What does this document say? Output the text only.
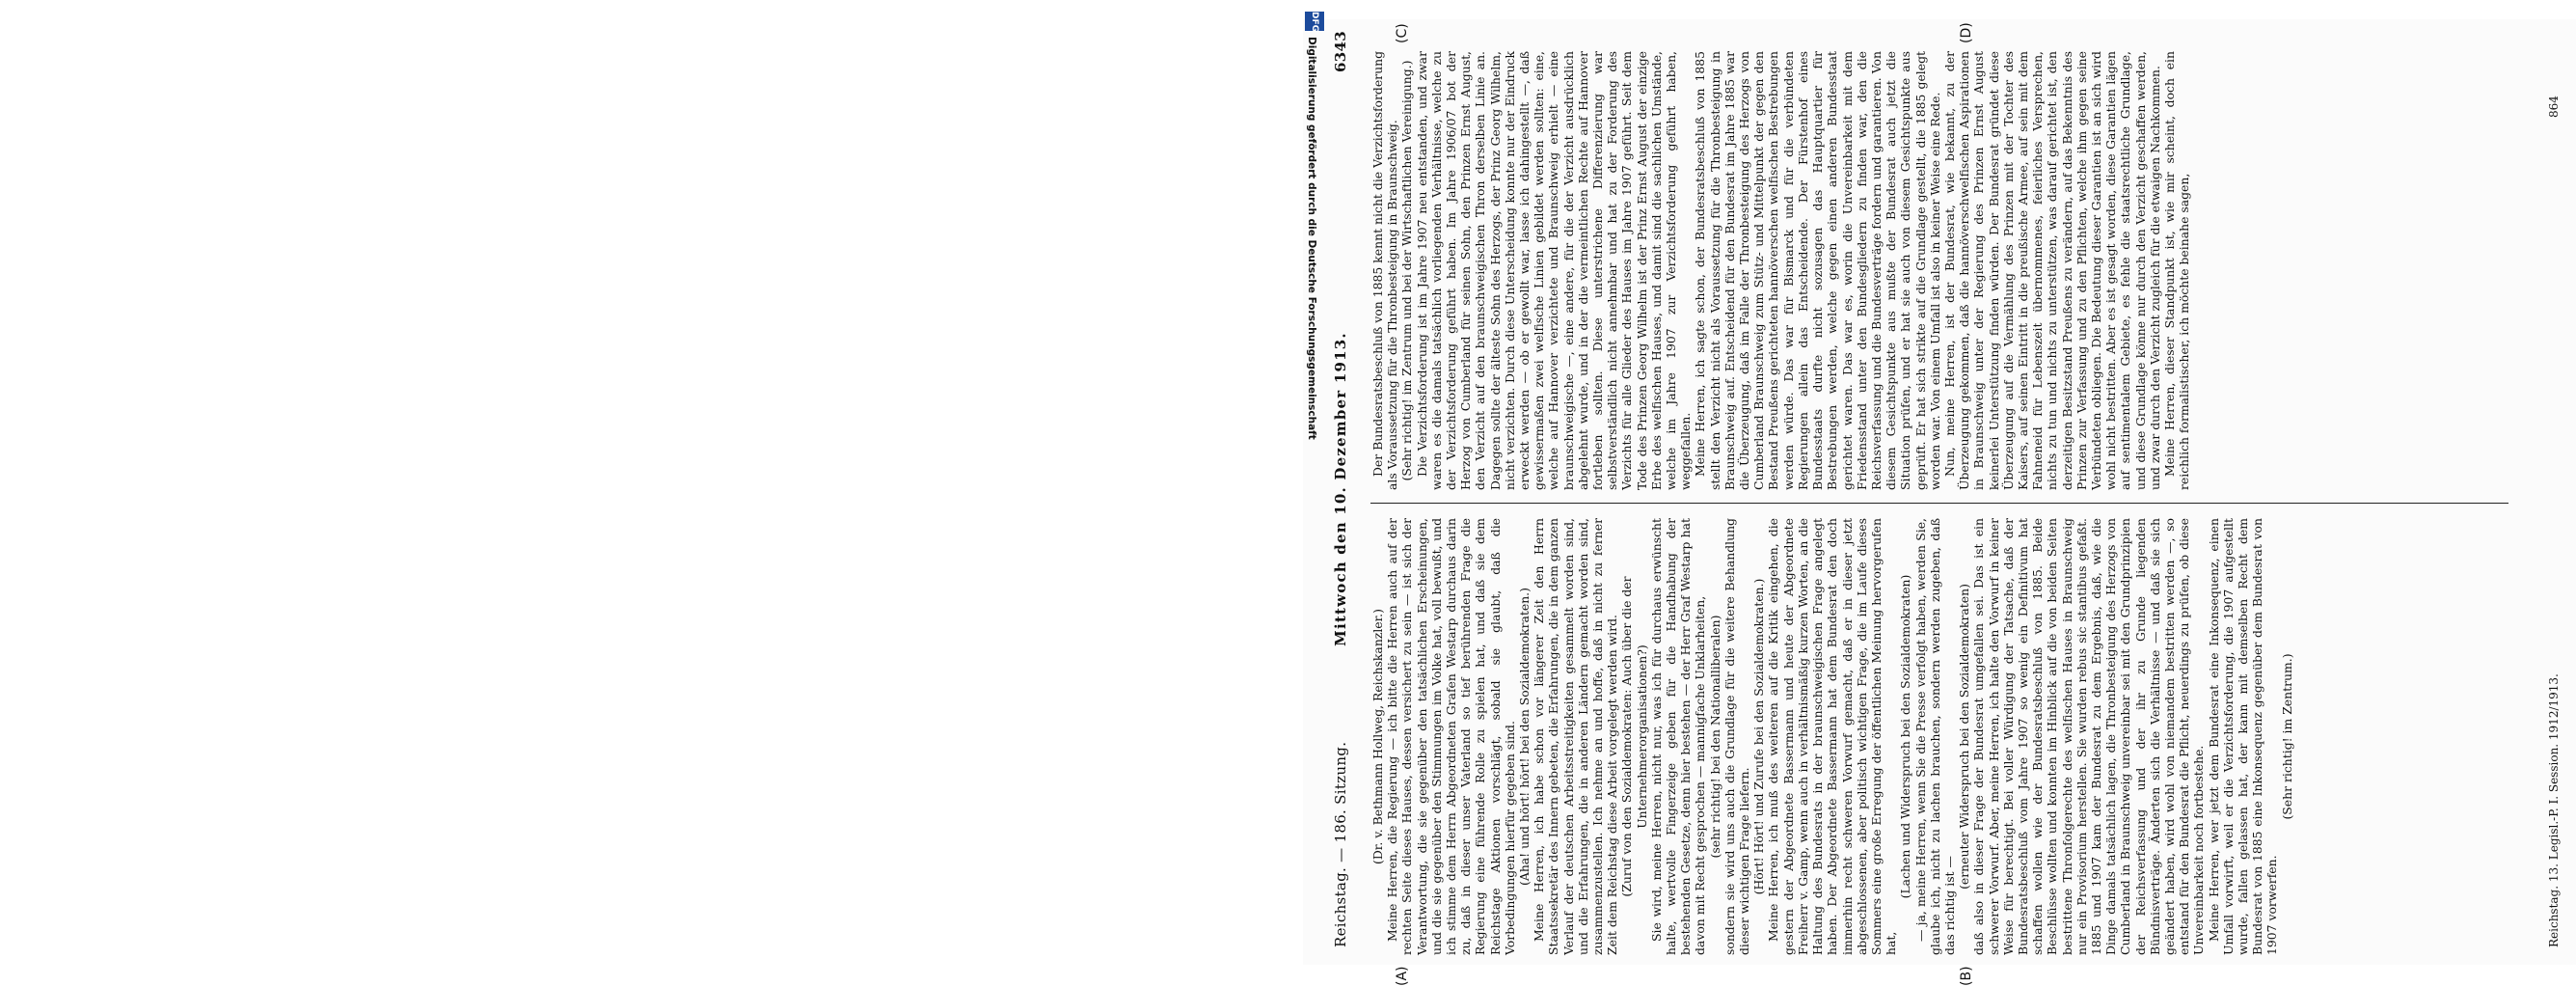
Reichstag. — 186. Sitzung.
Mittwoch den 10. Dezember 1913.
6343
(A)	(B)
(C)	(D)

(Dr. v. Bethmann Hollweg, Reichskanzler.) Meine Herren, die Regierung — ich bitte die Herren auch auf der rechten Seite dieses Hauses, dessen versichert zu sein — ist sich der Verantwortung, die sie gegenüber den tatsächlichen Erscheinungen, und die sie gegenüber den Stimmungen im Volke hat, voll bewußt, und ich stimme dem Herrn Abgeordneten Grafen Westarp durchaus darin zu, daß in dieser unser Vaterland so tief berührenden Frage die Regierung eine führende Rolle zu spielen hat, und daß sie dem Reichstage Aktionen vorschlägt, sobald sie glaubt, daß die Vorbedingungen hierfür gegeben sind. (Aha! und hört! hört! bei den Sozialdemokraten.) Meine Herren, ich habe schon vor längerer Zeit den Herrn Staatssekretär des Innern gebeten, die Erfahrungen, die in dem ganzen Verlauf der deutschen Arbeitsstreitigkeiten gesammelt worden sind, und die Erfahrungen, die in anderen Ländern gemacht worden sind, zusammenzustellen. Ich nehme an und hoffe, daß in nicht zu ferner Zeit dem Reichstag diese Arbeit vorgelegt werden wird. (Zuruf von den Sozialdemokraten: Auch über die der Unternehmerorganisationen?) Sie wird, meine Herren, nicht nur, was ich für durchaus erwünscht halte, wertvolle Fingerzeige geben für die Handhabung der bestehenden Gesetze, denn hier bestehen — der Herr Graf Westarp hat davon mit Recht gesprochen — mannigfache Unklarheiten, (sehr richtig! bei den Nationalliberalen) sondern sie wird uns auch die Grundlage für die weitere Behandlung dieser wichtigen Frage liefern. (Hört! Hört! und Zurufe bei den Sozialdemokraten.) Meine Herren, ich muß des weiteren auf die Kritik eingehen, die gestern der Abgeordnete Bassermann und heute der Abgeordnete Freiherr v. Gamp, wenn auch in verhältnismäßig kurzen Worten, an die Haltung des Bundesrats in der braunschweigischen Frage angelegt haben. Der Abgeordnete Bassermann hat dem Bundesrat den doch immerhin recht schweren Vorwurf gemacht, daß er in dieser jetzt abgeschlossenen, aber politisch wichtigen Frage, die im Laufe dieses Sommers eine große Erregung der öffentlichen Meinung hervorgerufen hat,

(Lachen und Widerspruch bei den Sozialdemokraten) — ja, meine Herren, wenn Sie die Presse verfolgt haben, werden Sie, glaube ich, nicht zu lachen brauchen, sondern werden zugeben, daß das richtig ist —

(erneuter Widerspruch bei den Sozialdemokraten) daß also in dieser Frage der Bundesrat umgefallen sei. Das ist ein schwerer Vorwurf. Aber, meine Herren, ich halte den Vorwurf in keiner Weise für berechtigt. Bei voller Würdigung der Tatsache, daß der Bundesratsbeschluß vom Jahre 1907 so wenig ein Definitivum hat schaffen wollen wie der Bundesratsbeschluß von 1885. Beide Beschlüsse wollten und konnten im Hinblick auf die von beiden Seiten bestrittene Thronfolgerechte des welfischen Hauses in Braunschweig nur ein Provisorium herstellen. Sie wurden rebus sic stantibus gefaßt. 1885 und 1907 kam der Bundesrat zu dem Ergebnis, daß, wie die Dinge damals tatsächlich lagen, die Thronbesteigung des Herzogs von Cumberland in Braunschweig unvereinbar sei mit den Grundprinzipien der Reichsverfassung und der ihr zu Grunde liegenden Bündnisverträge. Änderten sich die Verhältnisse — und daß sie sich geändert haben, wird wohl von niemandem bestritten werden —, so entstand für den Bundesrat die Pflicht, neuerdings zu prüfen, ob diese Unvereinbarkeit noch fortbestehe. Meine Herren, wer jetzt dem Bundesrat eine Inkonsequenz, einen Umfall vorwirft, weil er die Verzichtsforderung, die 1907 aufgestellt wurde, fallen gelassen hat, der kann mit demselben Recht dem Bundesrat von 1885 eine Inkonsequenz gegenüber dem Bundesrat von 1907 vorwerfen.

(Sehr richtig! im Zentrum.)

Der Bundesratsbeschluß von 1885 kennt nicht die Verzichtsforderung als Voraussetzung für die Thronbesteigung in Braunschweig. (Sehr richtig! im Zentrum und bei der Wirtschaftlichen Vereinigung.) Die Verzichtsforderung ist im Jahre 1907 neu entstanden, und zwar waren es die damals tatsächlich vorliegenden Verhältnisse, welche zu der Verzichtsforderung geführt haben. Im Jahre 1906/07 bot der Herzog von Cumberland für seinen Sohn, den Prinzen Ernst August, den Verzicht auf den braunschweigischen Thron derselben Linie an. Dagegen sollte der älteste Sohn des Herzogs, der Prinz Georg Wilhelm, nicht verzichten. Durch diese Unterscheidung konnte nur der Eindruck erweckt werden — ob er gewollt war, lasse ich dahingestellt —, daß gewissermaßen zwei welfische Linien gebildet werden sollten: eine, welche auf Hannover verzichtete und Braunschweig erhielt — eine braunschweigische —, eine andere, für die der Verzicht ausdrücklich abgelehnt wurde, und in der die vermeintlichen Rechte auf Hannover fortleben sollten. Diese unterstrichene Differenzierung war selbstverständlich nicht annehmbar und hat zu der Forderung des Verzichts für alle Glieder des Hauses im Jahre 1907 geführt. Seit dem Tode des Prinzen Georg Wilhelm ist der Prinz Ernst August der einzige Erbe des welfischen Hauses, und damit sind die sachlichen Umstände, welche im Jahre 1907 zur Verzichtsforderung geführt haben, weggefallen. Meine Herren, ich sagte schon, der Bundesratsbeschluß von 1885 stellt den Verzicht nicht als Voraussetzung für die Thronbesteigung in Braunschweig auf. Entscheidend für den Bundesrat im Jahre 1885 war die Überzeugung, daß im Falle der Thronbesteigung des Herzogs von Cumberland Braunschweig zum Stütz- und Mittelpunkt der gegen den Bestand Preußens gerichteten hannöverschen welfischen Bestrebungen werden würde. Das war für Bismarck und für die verbündeten Regierungen allein das Entscheidende. Der Fürstenhof eines Bundesstaats durfte nicht sozusagen das Hauptquartier für Bestrebungen werden, welche gegen einen anderen Bundesstaat gerichtet waren. Das war es, worin die Unvereinbarkeit mit dem Friedensstand unter den Bundesgliedern zu finden war, den die Reichsverfassung und die Bundesverträge fordern und garantieren. Von diesem Gesichtspunkte aus mußte der Bundesrat auch jetzt die Situation prüfen, und er hat sie auch von diesem Gesichtspunkte aus geprüft. Er hat sich strikte auf die Grundlage gestellt, die 1885 gelegt worden war. Von einem Umfall ist also in keiner Weise eine Rede. Nun, meine Herren, ist der Bundesrat, wie bekannt, zu der Überzeugung gekommen, daß die hannöverschwelfischen Aspirationen in Braunschweig unter der Regierung des Prinzen Ernst August keinerlei Unterstützung finden würden. Der Bundesrat gründet diese Überzeugung auf die Vermählung des Prinzen mit der Tochter des Kaisers, auf seinen Eintritt in die preußische Armee, auf sein mit dem Fahneneid für Lebenszeit übernommenes, feierliches Versprechen, nichts zu tun und nichts zu unterstützen, was darauf gerichtet ist, den derzeitigen Besitzstand Preußens zu verändern, auf das Bekenntnis des Prinzen zur Verfassung und zu den Pflichten, welche ihm gegen seine Verbündeten obliegen. Die Bedeutung dieser Garantien ist an sich wird wohl nicht bestritten. Aber es ist gesagt worden, diese Garantien lägen auf sentimentalem Gebiete, es fehle die staatsrechtliche Grundlage, und diese Grundlage könne nur durch den Verzicht geschaffen werden, und zwar durch den Verzicht zugleich für die etwaigen Nachkommen. Meine Herren, dieser Standpunkt ist, wie mir scheint, doch ein reichlich formalistischer, ich möchte beinahe sagen,

Reichstag. 13. Legisl.-P. I. Session. 1912/1913.
864
DFG
Digitalisierung gefördert durch die Deutsche Forschungsgemeinschaft
